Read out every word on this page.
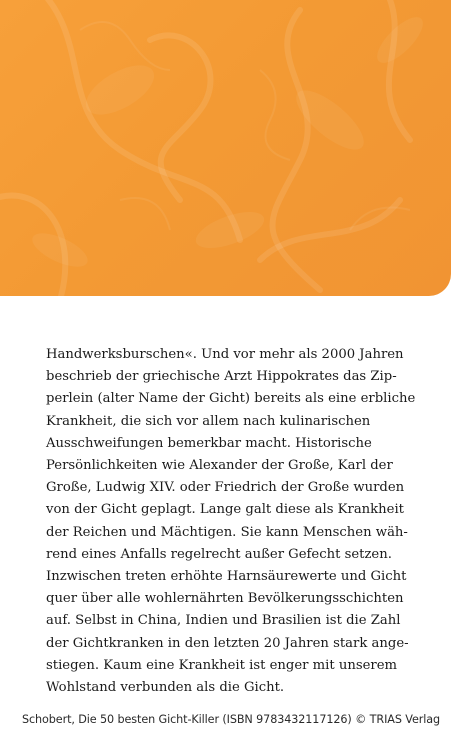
Handwerksburschen«. Und vor mehr als 2000 Jahren
beschrieb der griechische Arzt Hippokrates das Zip-
perlein (alter Name der Gicht) bereits als eine erbliche
Krankheit, die sich vor allem nach kulinarischen
Ausschweifungen bemerkbar macht. Historische
Persönlichkeiten wie Alexander der Große, Karl der
Große, Ludwig XIV. oder Friedrich der Große wurden
von der Gicht geplagt. Lange galt diese als Krankheit
der Reichen und Mächtigen. Sie kann Menschen wäh-
rend eines Anfalls regelrecht außer Gefecht setzen.
Inzwischen treten erhöhte Harnsäurewerte und Gicht
quer über alle wohlernährten Bevölkerungsschichten
auf. Selbst in China, Indien und Brasilien ist die Zahl
der Gichtkranken in den letzten 20 Jahren stark ange-
stiegen. Kaum eine Krankheit ist enger mit unserem
Wohlstand verbunden als die Gicht.

Schobert, Die 50 besten Gicht-Killer (ISBN 9783432117126) © TRIAS Verlag
